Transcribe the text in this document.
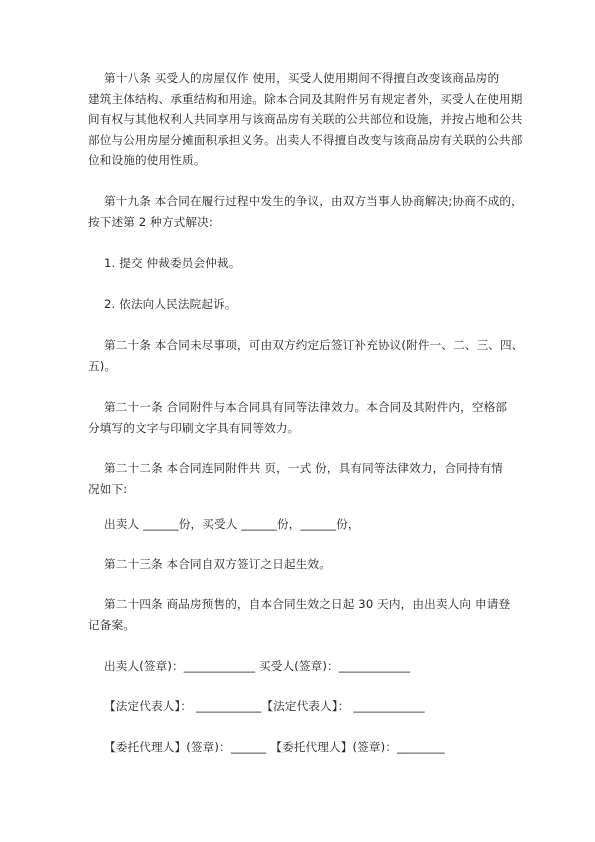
第十八条 买受人的房屋仅作 使用，买受人使用期间不得擅自改变该商品房的
建筑主体结构、承重结构和用途。除本合同及其附件另有规定者外，买受人在使用期
间有权与其他权利人共同享用与该商品房有关联的公共部位和设施，并按占地和公共
部位与公用房屋分摊面积承担义务。出卖人不得擅自改变与该商品房有关联的公共部
位和设施的使用性质。
第十九条 本合同在履行过程中发生的争议，由双方当事人协商解决;协商不成的，
按下述第 2 种方式解决:
1. 提交 仲裁委员会仲裁。
2. 依法向人民法院起诉。
第二十条 本合同未尽事项，可由双方约定后签订补充协议(附件一、二、三、四、
五)。
第二十一条 合同附件与本合同具有同等法律效力。本合同及其附件内，空格部
分填写的文字与印刷文字具有同等效力。
第二十二条 本合同连同附件共 页，一式 份，具有同等法律效力，合同持有情
况如下:
出卖人 ______份，买受人 ______份，______份，
第二十三条 本合同自双方签订之日起生效。
第二十四条 商品房预售的，自本合同生效之日起 30 天内，由出卖人向 申请登
记备案。
出卖人(签章)：____________ 买受人(签章)：____________
【法定代表人】： ___________【法定代表人】： ____________
【委托代理人】(签章)：______ 【委托代理人】(签章)：________
